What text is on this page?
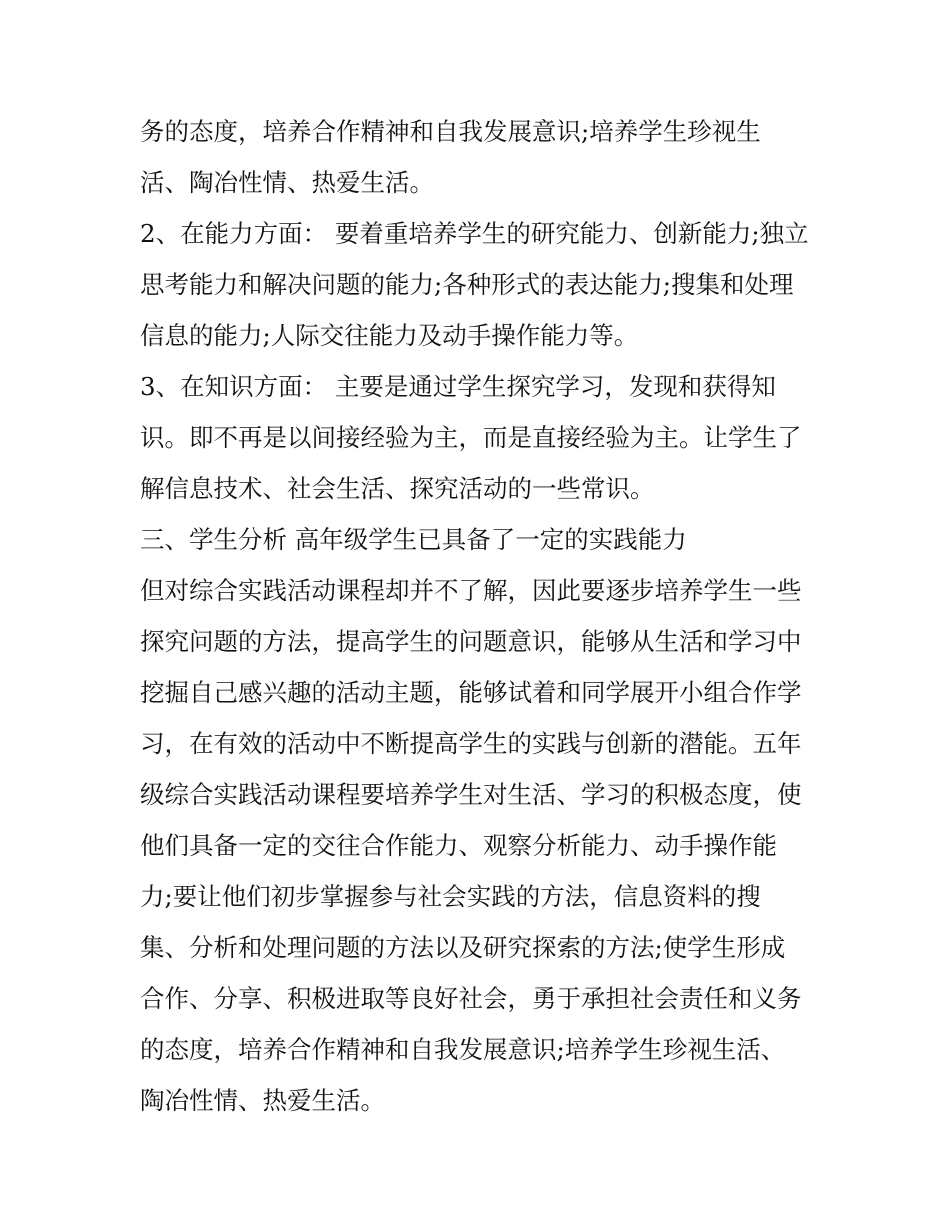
务的态度，培养合作精神和自我发展意识;培养学生珍视生
活、陶冶性情、热爱生活。
2、在能力方面： 要着重培养学生的研究能力、创新能力;独立
思考能力和解决问题的能力;各种形式的表达能力;搜集和处理
信息的能力;人际交往能力及动手操作能力等。
3、在知识方面： 主要是通过学生探究学习，发现和获得知
识。即不再是以间接经验为主，而是直接经验为主。让学生了
解信息技术、社会生活、探究活动的一些常识。
三、学生分析 高年级学生已具备了一定的实践能力
但对综合实践活动课程却并不了解，因此要逐步培养学生一些
探究问题的方法，提高学生的问题意识，能够从生活和学习中
挖掘自己感兴趣的活动主题，能够试着和同学展开小组合作学
习，在有效的活动中不断提高学生的实践与创新的潜能。五年
级综合实践活动课程要培养学生对生活、学习的积极态度，使
他们具备一定的交往合作能力、观察分析能力、动手操作能
力;要让他们初步掌握参与社会实践的方法，信息资料的搜
集、分析和处理问题的方法以及研究探索的方法;使学生形成
合作、分享、积极进取等良好社会，勇于承担社会责任和义务
的态度，培养合作精神和自我发展意识;培养学生珍视生活、
陶冶性情、热爱生活。
